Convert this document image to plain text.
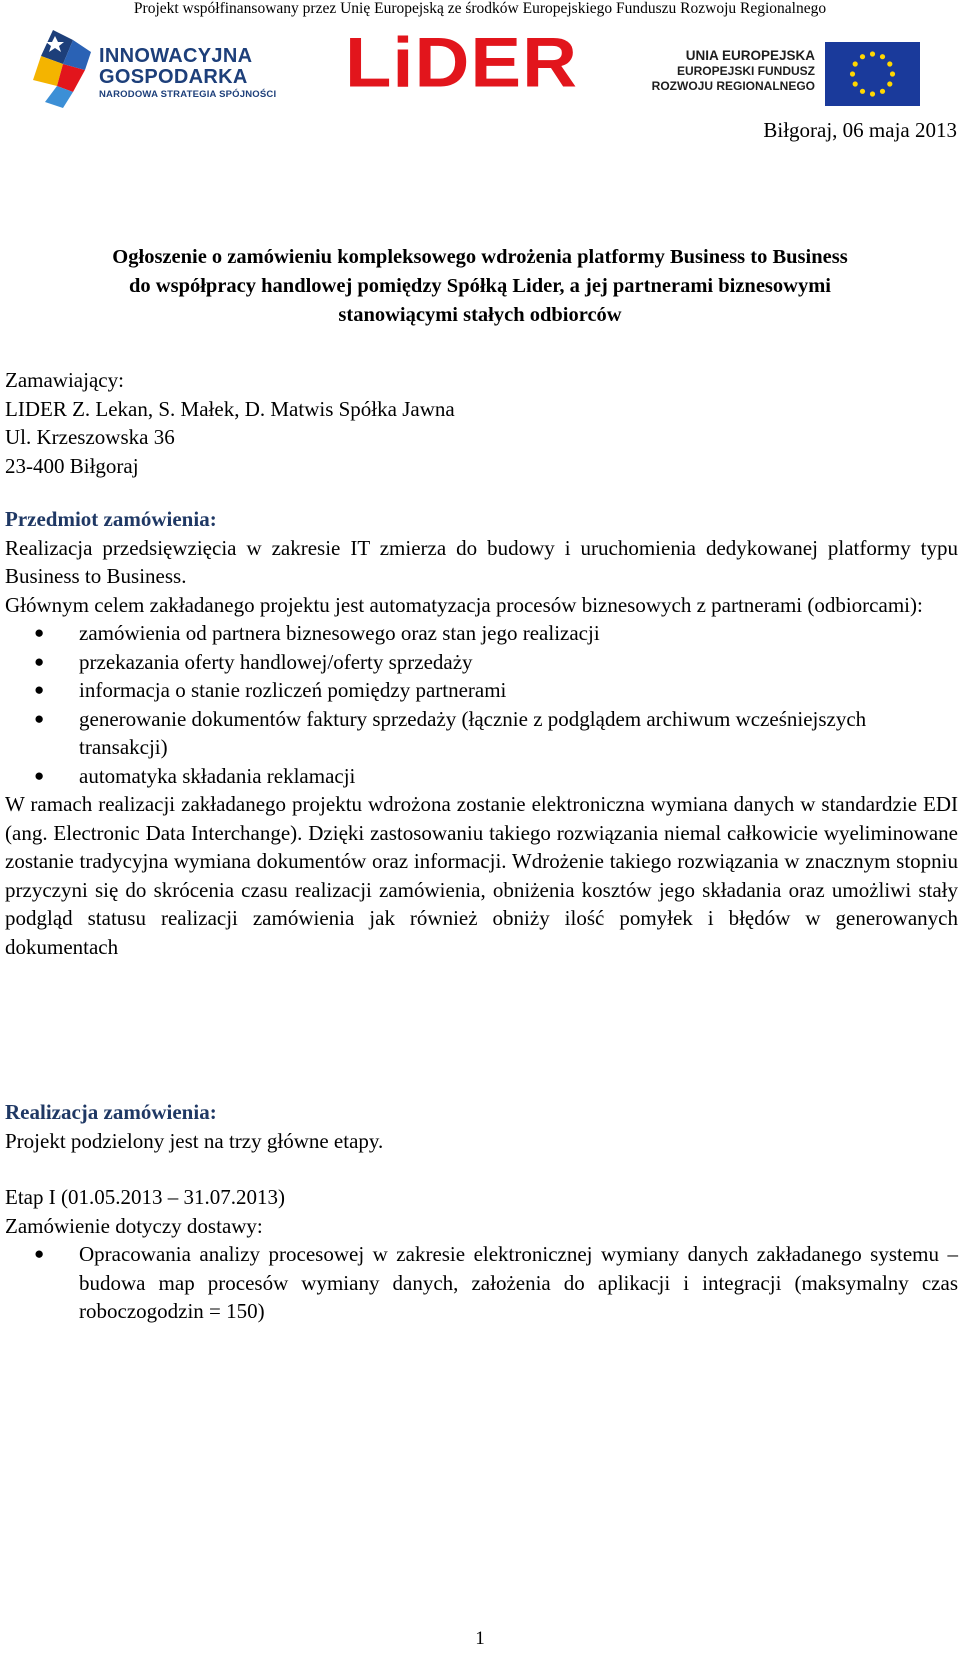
Projekt współfinansowany przez Unię Europejską ze środków Europejskiego Funduszu Rozwoju Regionalnego
INNOWACYJNA
GOSPODARKA
NARODOWA STRATEGIA SPÓJNOŚCI LiDER	UNIA EUROPEJSKA
EUROPEJSKI FUNDUSZ
ROZWOJU REGIONALNEGO
Biłgoraj, 06 maja 2013
Ogłoszenie o zamówieniu kompleksowego wdrożenia platformy Business to Business
do współpracy handlowej pomiędzy Spółką Lider, a jej partnerami biznesowymi
stanowiącymi stałych odbiorców
Zamawiający:
LIDER Z. Lekan, S. Małek, D. Matwis Spółka Jawna
Ul. Krzeszowska 36
23-400 Biłgoraj
Przedmiot zamówienia:
Realizacja przedsięwzięcia w zakresie IT zmierza do budowy i uruchomienia dedykowanej platformy typu Business to Business.
Głównym celem zakładanego projektu jest automatyzacja procesów biznesowych z partnerami (odbiorcami):
● zamówienia od partnera biznesowego oraz stan jego realizacji
● przekazania oferty handlowej/oferty sprzedaży
● informacja o stanie rozliczeń pomiędzy partnerami
● generowanie dokumentów faktury sprzedaży (łącznie z podglądem archiwum wcześniejszych transakcji)
● automatyka składania reklamacji
W ramach realizacji zakładanego projektu wdrożona zostanie elektroniczna wymiana danych w standardzie EDI (ang. Electronic Data Interchange). Dzięki zastosowaniu takiego rozwiązania niemal całkowicie wyeliminowane zostanie tradycyjna wymiana dokumentów oraz informacji. Wdrożenie takiego rozwiązania w znacznym stopniu przyczyni się do skrócenia czasu realizacji zamówienia, obniżenia kosztów jego składania oraz umożliwi stały podgląd statusu realizacji zamówienia jak również obniży ilość pomyłek i błędów w generowanych dokumentach
Realizacja zamówienia:
Projekt podzielony jest na trzy główne etapy.
Etap I (01.05.2013 – 31.07.2013)
Zamówienie dotyczy dostawy:
● Opracowania analizy procesowej w zakresie elektronicznej wymiany danych zakładanego systemu – budowa map procesów wymiany danych, założenia do aplikacji i integracji (maksymalny czas roboczogodzin = 150)
1
